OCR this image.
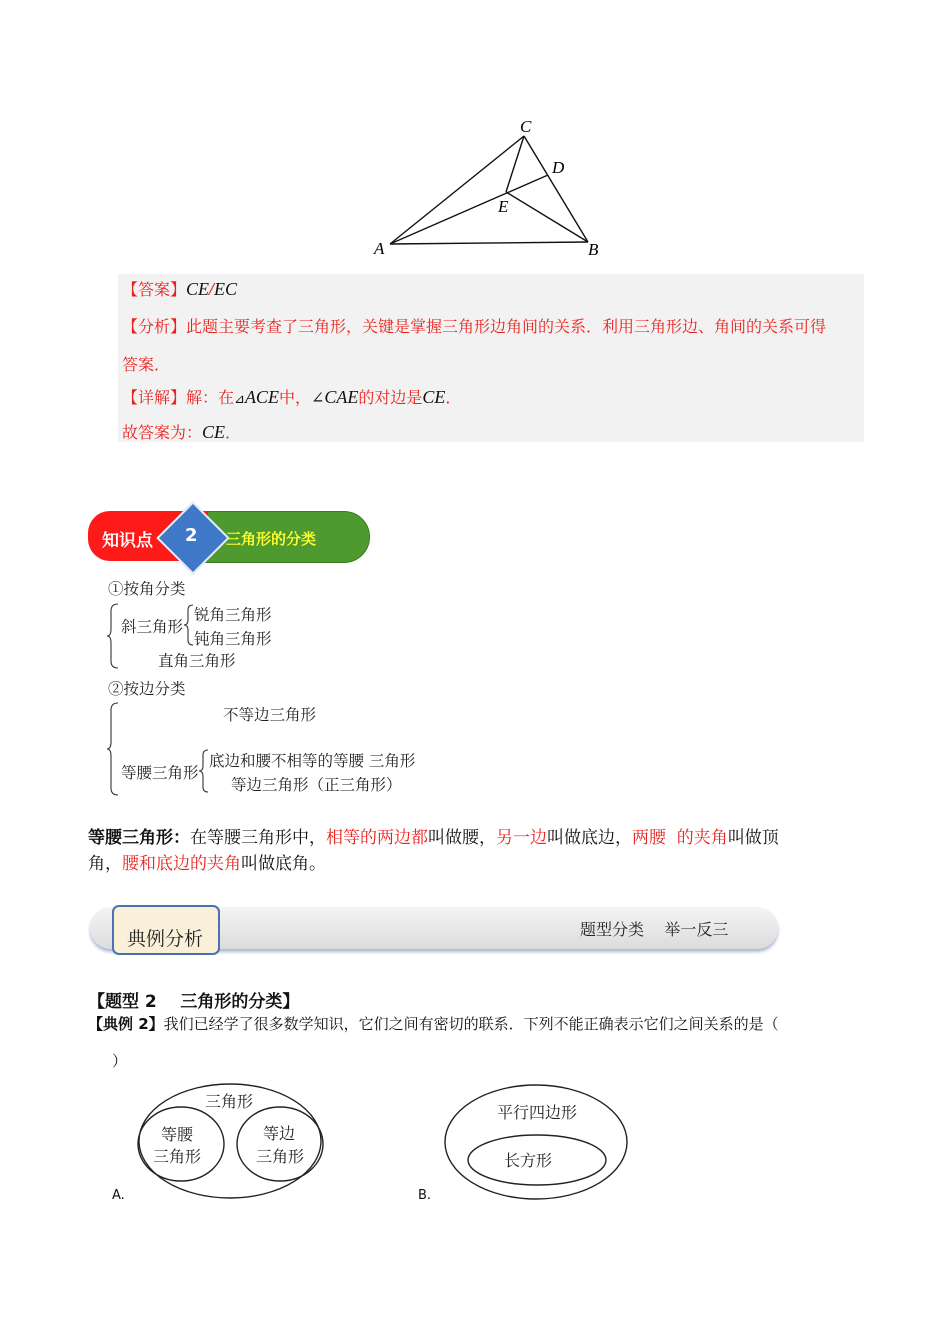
C
D
E
A	B
【答案】CE/EC
【分析】此题主要考查了三角形，关键是掌握三角形边角间的关系．利用三角形边、角间的关系可得
答案．
【详解】解：在⊿ACE中，∠CAE的对边是CE．
故答案为：CE．
知识点 2 三角形的分类
①按角分类
斜三角形
锐角三角形
钝角三角形
直角三角形
②按边分类
不等边三角形
等腰三角形
底边和腰不相等的等腰 三角形
等边三角形（正三角形）
等腰三角形：在等腰三角形中，相等的两边都叫做腰，另一边叫做底边，两腰  的夹角叫做顶
角，腰和底边的夹角叫做底角。
典例分析	题型分类    举一反三
【题型 2    三角形的分类】
【典例 2】我们已经学了很多数学知识，它们之间有密切的联系．下列不能正确表示它们之间关系的是（
）
三角形
等腰
三角形
等边
三角形
A.
平行四边形
长方形
B.
